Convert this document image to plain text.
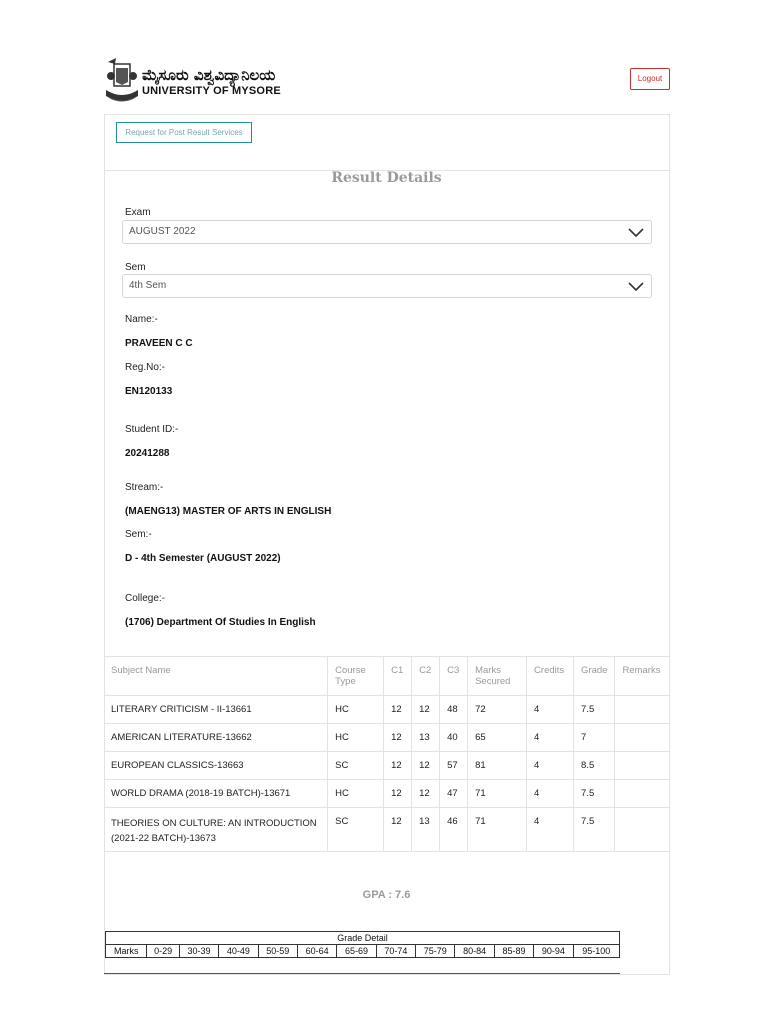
ಮೈಸೂರು ವಿಶ್ವವಿದ್ಯಾನಿಲಯ
UNIVERSITY OF MYSORE
Logout
Request for Post Result Services
Result Details
Exam
AUGUST 2022
Sem
4th Sem
Name:-
PRAVEEN C C
Reg.No:-
EN120133
Student ID:-
20241288
Stream:-
(MAENG13) MASTER OF ARTS IN ENGLISH
Sem:-
D - 4th Semester (AUGUST 2022)
College:-
(1706) Department Of Studies In English
Subject Name	Course Type	C1	C2	C3	Marks Secured	Credits	Grade	Remarks
LITERARY CRITICISM - II-13661	HC	12	12	48	72	4	7.5	
AMERICAN LITERATURE-13662	HC	12	13	40	65	4	7	
EUROPEAN CLASSICS-13663	SC	12	12	57	81	4	8.5	
WORLD DRAMA (2018-19 BATCH)-13671	HC	12	12	47	71	4	7.5	
THEORIES ON CULTURE: AN INTRODUCTION (2021-22 BATCH)-13673	SC	12	13	46	71	4	7.5	
GPA : 7.6
Grade Detail
Marks	0-29	30-39	40-49	50-59	60-64	65-69	70-74	75-79	80-84	85-89	90-94	95-100
